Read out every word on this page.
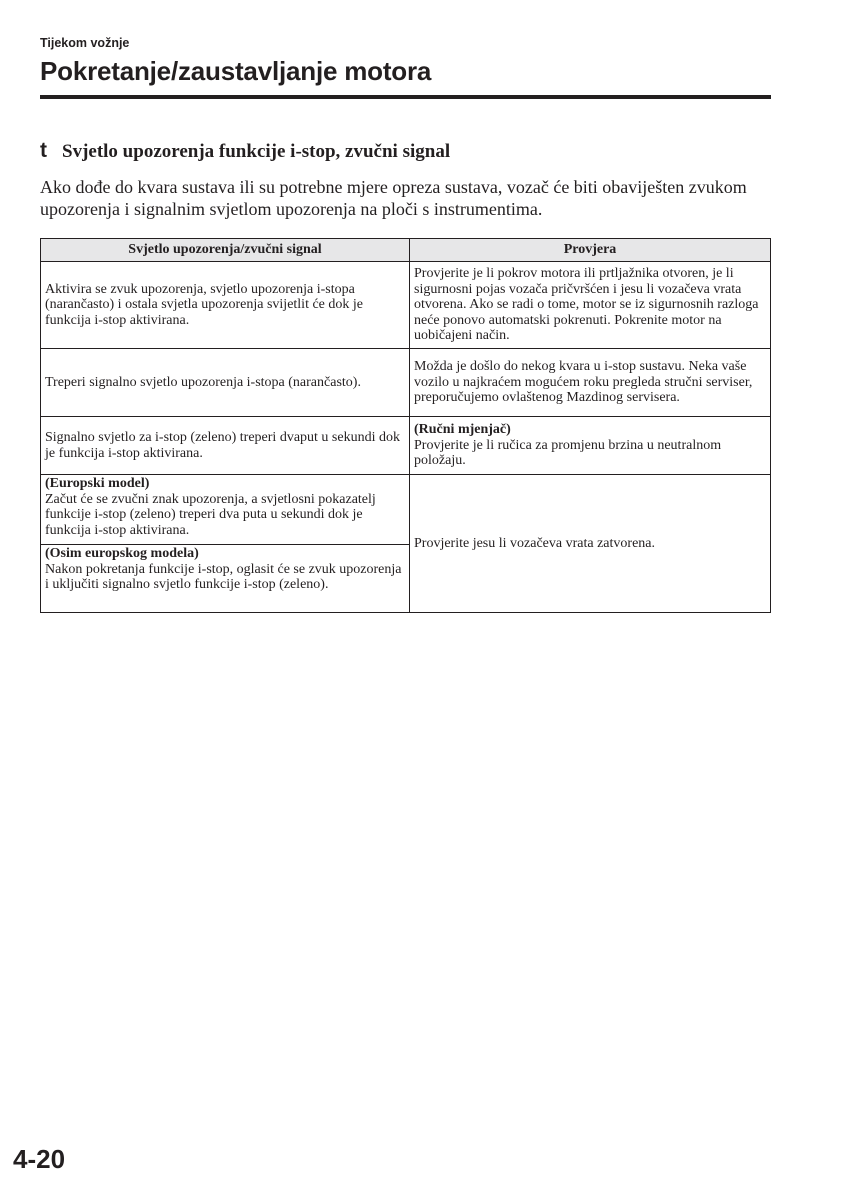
Tijekom vožnje
Pokretanje/zaustavljanje motora
t Svjetlo upozorenja funkcije i-stop, zvučni signal

Ako dođe do kvara sustava ili su potrebne mjere opreza sustava, vozač će biti obaviješten zvukom upozorenja i signalnim svjetlom upozorenja na ploči s instrumentima.

Svjetlo upozorenja/zvučni signal	Provjera
Aktivira se zvuk upozorenja, svjetlo upozorenja i-stopa (narančasto) i ostala svjetla upozorenja svijetlit će dok je funkcija i-stop aktivirana.	Provjerite je li pokrov motora ili prtljažnika otvoren, je li sigurnosni pojas vozača pričvršćen i jesu li vozačeva vrata otvorena. Ako se radi o tome, motor se iz sigurnosnih razloga neće ponovo automatski pokrenuti. Pokrenite motor na uobičajeni način.
Treperi signalno svjetlo upozorenja i-stopa (narančasto).	Možda je došlo do nekog kvara u i-stop sustavu. Neka vaše vozilo u najkraćem mogućem roku pregleda stručni serviser, preporučujemo ovlaštenog Mazdinog servisera.
Signalno svjetlo za i-stop (zeleno) treperi dvaput u sekundi dok je funkcija i-stop aktivirana.	(Ručni mjenjač)
Provjerite je li ručica za promjenu brzina u neutralnom položaju.

(Europski model)
Začut će se zvučni znak upozorenja, a svjetlosni pokazatelj funkcije i-stop (zeleno) treperi dva puta u sekundi dok je funkcija i-stop aktivirana.	Provjerite jesu li vozačeva vrata zatvorena.

(Osim europskog modela)
Nakon pokretanja funkcije i-stop, oglasit će se zvuk upozorenja i uključiti signalno svjetlo funkcije i-stop (zeleno).	
4-20
